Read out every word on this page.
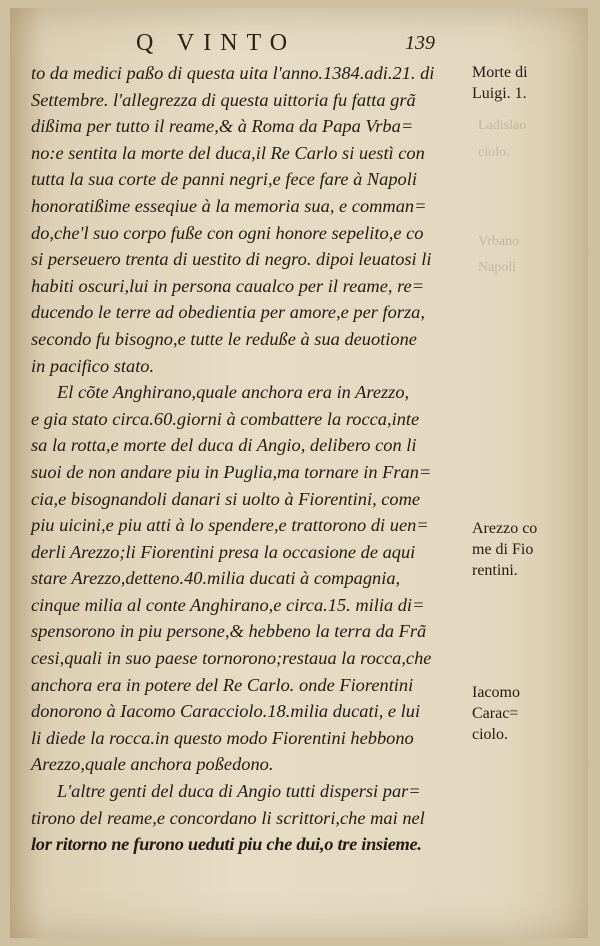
Q VINTO	139
Ladislao
ciolo.
Vrbano
Napoli
to da medici paßo di questa uita l'anno.1384.adi.21. di
Settembre. l'allegrezza di questa uittoria fu fatta grã
dißima per tutto il reame,& à Roma da Papa Vrba=
no:e sentita la morte del duca,il Re Carlo si uestì con
tutta la sua corte de panni negri,e fece fare à Napoli
honoratißime esseqiue à la memoria sua, e comman=
do,che'l suo corpo fuße con ogni honore sepelito,e co
si perseuero trenta di uestito di negro. dipoi leuatosi li
habiti oscuri,lui in persona caualco per il reame, re=
ducendo le terre ad obedientia per amore,e per forza,
secondo fu bisogno,e tutte le reduße à sua deuotione
in pacifico stato.
El cõte Anghirano,quale anchora era in Arezzo,
e gia stato circa.60.giorni à combattere la rocca,inte
sa la rotta,e morte del duca di Angio, delibero con li
suoi de non andare piu in Puglia,ma tornare in Fran=
cia,e bisognandoli danari si uolto à Fiorentini, come
piu uicini,e piu atti à lo spendere,e trattorono di uen=
derli Arezzo;li Fiorentini presa la occasione de aqui
stare Arezzo,detteno.40.milia ducati à compagnia,
cinque milia al conte Anghirano,e circa.15. milia di=
spensorono in piu persone,& hebbeno la terra da Frã
cesi,quali in suo paese tornorono;restaua la rocca,che
anchora era in potere del Re Carlo. onde Fiorentini
donorono à Iacomo Caracciolo.18.milia ducati, e lui
li diede la rocca.in questo modo Fiorentini hebbono
Arezzo,quale anchora poßedono.
L'altre genti del duca di Angio tutti dispersi par=
tirono del reame,e concordano li scrittori,che mai nel
lor ritorno ne furono ueduti piu che dui,o tre insieme.
Morte di
Luigi. 1.
Arezzo co
me di Fio
rentini.
Iacomo
Carac=
ciolo.
